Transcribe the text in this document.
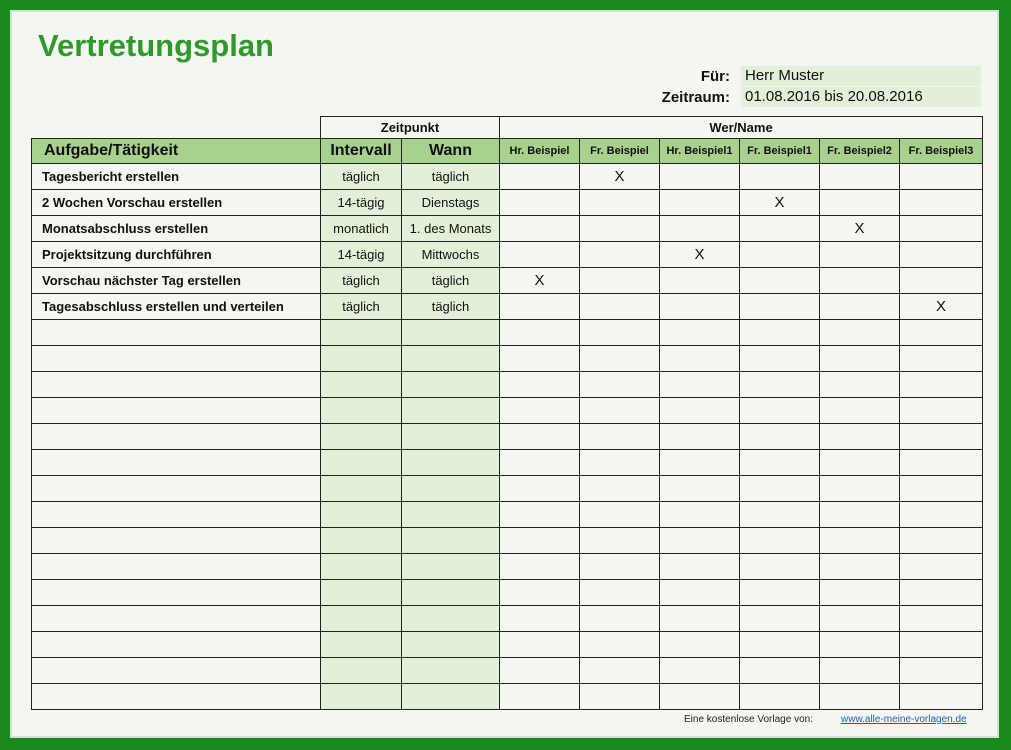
Vertretungsplan
Für: Herr Muster
Zeitraum: 01.08.2016 bis 20.08.2016
	Zeitpunkt		Wer/Name					
Aufgabe/Tätigkeit	Intervall	Wann	Hr. Beispiel	Fr. Beispiel	Hr. Beispiel1	Fr. Beispiel1	Fr. Beispiel2	Fr. Beispiel3
Tagesbericht erstellen	täglich	täglich		X				
2 Wochen Vorschau erstellen	14-tägig	Dienstags				X		
Monatsabschluss erstellen	monatlich	1. des Monats					X	
Projektsitzung durchführen	14-tägig	Mittwochs			X			
Vorschau nächster Tag erstellen	täglich	täglich	X					
Tagesabschluss erstellen und verteilen	täglich	täglich						X

Eine kostenlose Vorlage von:	www.alle-meine-vorlagen.de
